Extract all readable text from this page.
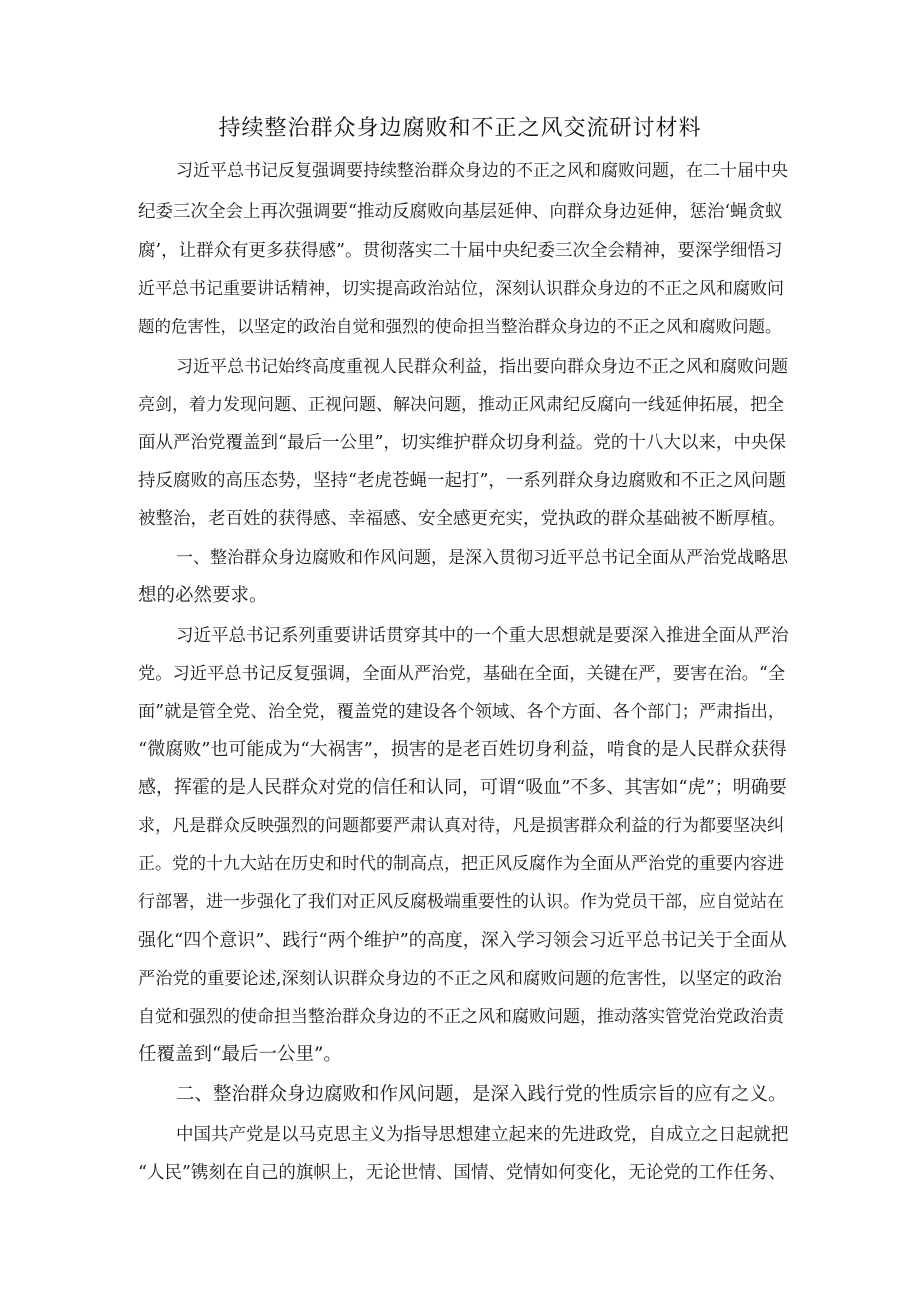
持续整治群众身边腐败和不正之风交流研讨材料
习近平总书记反复强调要持续整治群众身边的不正之风和腐败问题，在二十届中央
纪委三次全会上再次强调要“推动反腐败向基层延伸、向群众身边延伸，惩治‘蝇贪蚁
腐’，让群众有更多获得感”。贯彻落实二十届中央纪委三次全会精神，要深学细悟习
近平总书记重要讲话精神，切实提高政治站位，深刻认识群众身边的不正之风和腐败问
题的危害性，以坚定的政治自觉和强烈的使命担当整治群众身边的不正之风和腐败问题。
习近平总书记始终高度重视人民群众利益，指出要向群众身边不正之风和腐败问题
亮剑，着力发现问题、正视问题、解决问题，推动正风肃纪反腐向一线延伸拓展，把全
面从严治党覆盖到“最后一公里”，切实维护群众切身利益。党的十八大以来，中央保
持反腐败的高压态势，坚持“老虎苍蝇一起打”，一系列群众身边腐败和不正之风问题
被整治，老百姓的获得感、幸福感、安全感更充实，党执政的群众基础被不断厚植。
一、整治群众身边腐败和作风问题，是深入贯彻习近平总书记全面从严治党战略思
想的必然要求。
习近平总书记系列重要讲话贯穿其中的一个重大思想就是要深入推进全面从严治
党。习近平总书记反复强调，全面从严治党，基础在全面，关键在严，要害在治。“全
面”就是管全党、治全党，覆盖党的建设各个领域、各个方面、各个部门；严肃指出，
“微腐败”也可能成为“大祸害”，损害的是老百姓切身利益，啃食的是人民群众获得
感，挥霍的是人民群众对党的信任和认同，可谓“吸血”不多、其害如“虎”；明确要
求，凡是群众反映强烈的问题都要严肃认真对待，凡是损害群众利益的行为都要坚决纠
正。党的十九大站在历史和时代的制高点，把正风反腐作为全面从严治党的重要内容进
行部署，进一步强化了我们对正风反腐极端重要性的认识。作为党员干部，应自觉站在
强化“四个意识”、践行“两个维护”的高度，深入学习领会习近平总书记关于全面从
严治党的重要论述,深刻认识群众身边的不正之风和腐败问题的危害性，以坚定的政治
自觉和强烈的使命担当整治群众身边的不正之风和腐败问题，推动落实管党治党政治责
任覆盖到“最后一公里”。
二、整治群众身边腐败和作风问题，是深入践行党的性质宗旨的应有之义。
中国共产党是以马克思主义为指导思想建立起来的先进政党，自成立之日起就把
“人民”镌刻在自己的旗帜上，无论世情、国情、党情如何变化，无论党的工作任务、
